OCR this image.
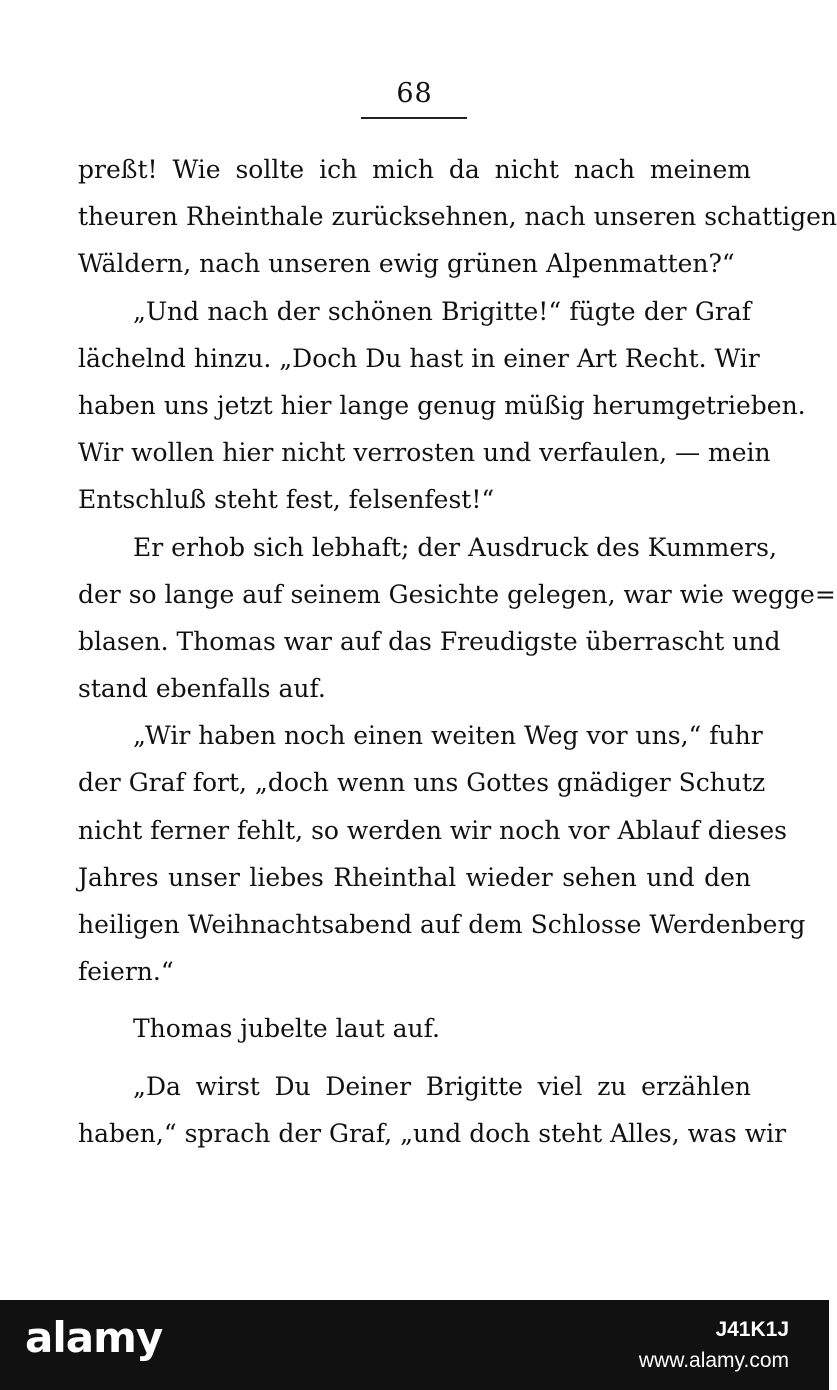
68
preßt! Wie sollte ich mich da nicht nach meinem
theuren Rheinthale zurücksehnen, nach unseren schattigen
Wäldern, nach unseren ewig grünen Alpenmatten?“
„Und nach der schönen Brigitte!“ fügte der Graf
lächelnd hinzu. „Doch Du hast in einer Art Recht. Wir
haben uns jetzt hier lange genug müßig herumgetrieben.
Wir wollen hier nicht verrosten und verfaulen, — mein
Entschluß steht fest, felsenfest!“
Er erhob sich lebhaft; der Ausdruck des Kummers,
der so lange auf seinem Gesichte gelegen, war wie wegge=
blasen. Thomas war auf das Freudigste überrascht und
stand ebenfalls auf.
„Wir haben noch einen weiten Weg vor uns,“ fuhr
der Graf fort, „doch wenn uns Gottes gnädiger Schutz
nicht ferner fehlt, so werden wir noch vor Ablauf dieses
Jahres unser liebes Rheinthal wieder sehen und den
heiligen Weihnachtsabend auf dem Schlosse Werdenberg
feiern.“
Thomas jubelte laut auf.
„Da wirst Du Deiner Brigitte viel zu erzählen
haben,“ sprach der Graf, „und doch steht Alles, was wir
alamy	J41K1J
www.alamy.com
